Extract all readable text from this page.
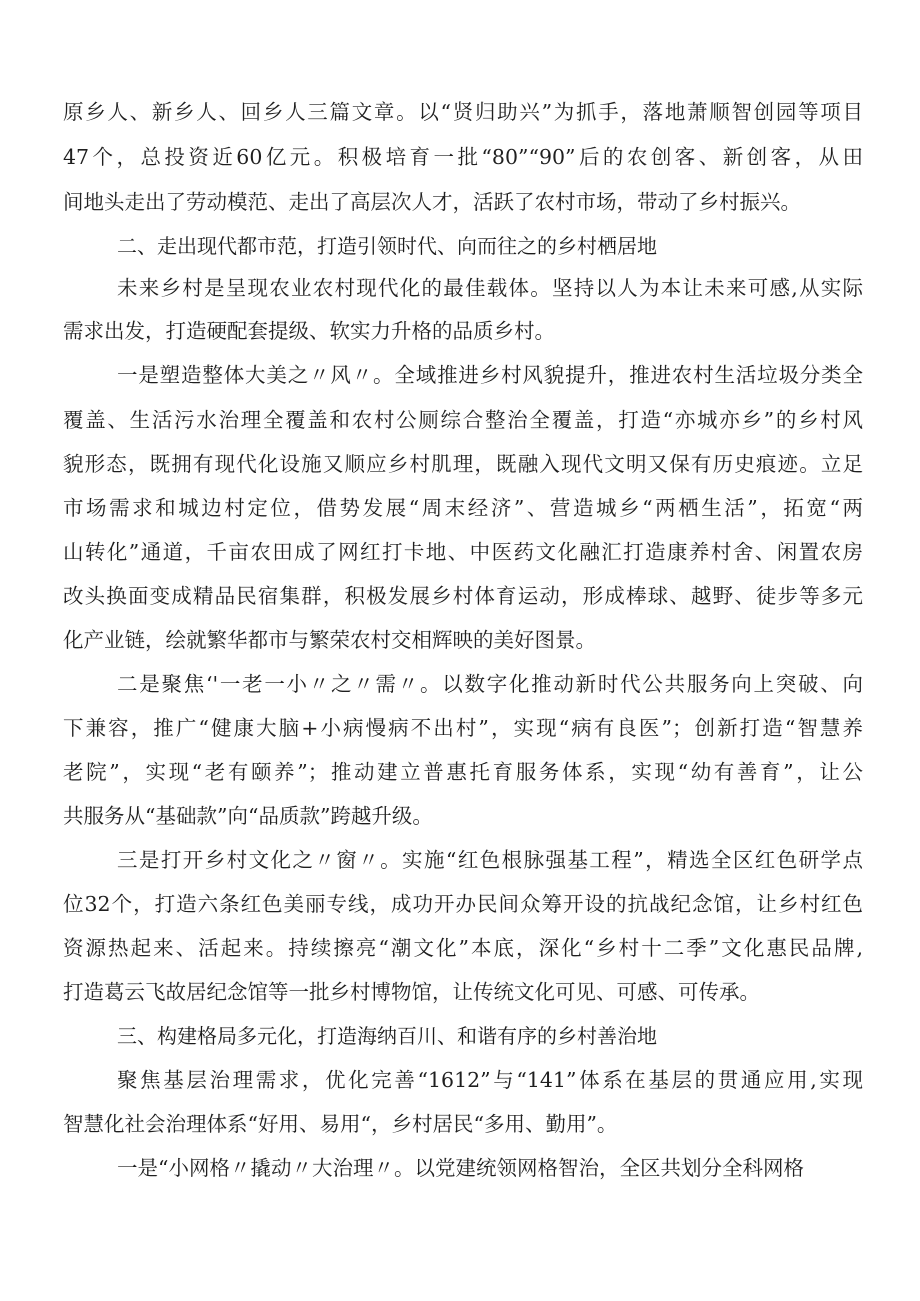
原乡人、新乡人、回乡人三篇文章。以“贤归助兴”为抓手，落地萧顺智创园等项目
47个，总投资近60亿元。积极培育一批“80”“90”后的农创客、新创客，从田
间地头走出了劳动模范、走出了高层次人才，活跃了农村市场，带动了乡村振兴。
二、走出现代都市范，打造引领时代、向而往之的乡村栖居地
未来乡村是呈现农业农村现代化的最佳载体。坚持以人为本让未来可感,从实际
需求出发，打造硬配套提级、软实力升格的品质乡村。
一是塑造整体大美之〃风〃。全域推进乡村风貌提升，推进农村生活垃圾分类全
覆盖、生活污水治理全覆盖和农村公厕综合整治全覆盖，打造“亦城亦乡”的乡村风
貌形态，既拥有现代化设施又顺应乡村肌理，既融入现代文明又保有历史痕迹。立足
市场需求和城边村定位，借势发展“周末经济”、营造城乡“两栖生活”，拓宽“两
山转化”通道，千亩农田成了网红打卡地、中医药文化融汇打造康养村舍、闲置农房
改头换面变成精品民宿集群，积极发展乡村体育运动，形成棒球、越野、徒步等多元
化产业链，绘就繁华都市与繁荣农村交相辉映的美好图景。
二是聚焦‘'一老一小〃之〃需〃。以数字化推动新时代公共服务向上突破、向
下兼容，推广“健康大脑+小病慢病不出村”，实现“病有良医”；创新打造“智慧养
老院”，实现“老有颐养”；推动建立普惠托育服务体系，实现“幼有善育”，让公
共服务从“基础款”向“品质款”跨越升级。
三是打开乡村文化之〃窗〃。实施“红色根脉强基工程”，精选全区红色研学点
位32个，打造六条红色美丽专线，成功开办民间众筹开设的抗战纪念馆，让乡村红色
资源热起来、活起来。持续擦亮“潮文化”本底，深化“乡村十二季”文化惠民品牌,
打造葛云飞故居纪念馆等一批乡村博物馆，让传统文化可见、可感、可传承。
三、构建格局多元化，打造海纳百川、和谐有序的乡村善治地
聚焦基层治理需求，优化完善“1612”与“141”体系在基层的贯通应用,实现
智慧化社会治理体系“好用、易用“，乡村居民“多用、勤用”。
一是“小网格〃撬动〃大治理〃。以党建统领网格智治，全区共划分全科网格
